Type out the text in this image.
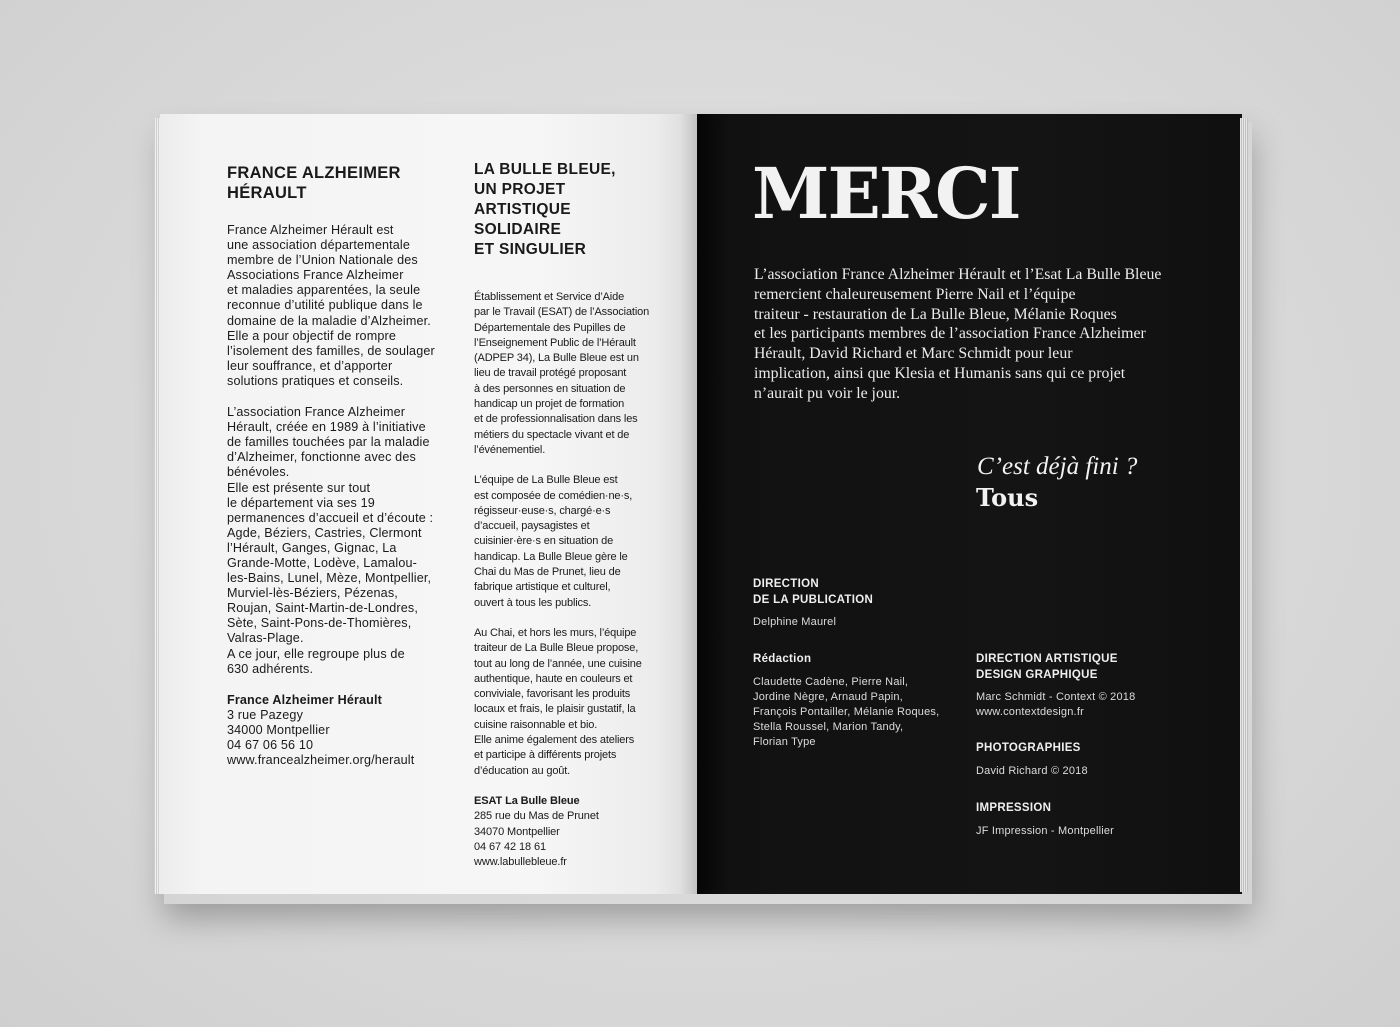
FRANCE ALZHEIMER
HÉRAULT

France Alzheimer Hérault est
une association départementale
membre de l’Union Nationale des
Associations France Alzheimer
et maladies apparentées, la seule
reconnue d’utilité publique dans le
domaine de la maladie d’Alzheimer.
Elle a pour objectif de rompre
l’isolement des familles, de soulager
leur souffrance, et d’apporter
solutions pratiques et conseils.

L’association France Alzheimer
Hérault, créée en 1989 à l’initiative
de familles touchées par la maladie
d’Alzheimer, fonctionne avec des
bénévoles.
Elle est présente sur tout
le département via ses 19
permanences d’accueil et d’écoute :
Agde, Béziers, Castries, Clermont
l’Hérault, Ganges, Gignac, La
Grande-Motte, Lodève, Lamalou-
les-Bains, Lunel, Mèze, Montpellier,
Murviel-lès-Béziers, Pézenas,
Roujan, Saint-Martin-de-Londres,
Sète, Saint-Pons-de-Thomières,
Valras-Plage.
A ce jour, elle regroupe plus de
630 adhérents.

France Alzheimer Hérault
3 rue Pazegy
34000 Montpellier
04 67 06 56 10
www.francealzheimer.org/herault
LA BULLE BLEUE,
UN PROJET ARTISTIQUE
SOLIDAIRE
ET SINGULIER

Établissement et Service d’Aide
par le Travail (ESAT) de l’Association
Départementale des Pupilles de
l’Enseignement Public de l’Hérault
(ADPEP 34), La Bulle Bleue est un
lieu de travail protégé proposant
à des personnes en situation de
handicap un projet de formation
et de professionnalisation dans les
métiers du spectacle vivant et de
l’événementiel.

L’équipe de La Bulle Bleue est
est composée de comédien·ne·s,
régisseur·euse·s, chargé·e·s
d’accueil, paysagistes et
cuisinier·ère·s en situation de
handicap. La Bulle Bleue gère le
Chai du Mas de Prunet, lieu de
fabrique artistique et culturel,
ouvert à tous les publics.

Au Chai, et hors les murs, l’équipe
traiteur de La Bulle Bleue propose,
tout au long de l’année, une cuisine
authentique, haute en couleurs et
conviviale, favorisant les produits
locaux et frais, le plaisir gustatif, la
cuisine raisonnable et bio.
Elle anime également des ateliers
et participe à différents projets
d’éducation au goût.

ESAT La Bulle Bleue
285 rue du Mas de Prunet
34070 Montpellier
04 67 42 18 61
www.labullebleue.fr
MERCI
L’association France Alzheimer Hérault et l’Esat La Bulle Bleue
remercient chaleureusement Pierre Nail et l’équipe
traiteur - restauration de La Bulle Bleue, Mélanie Roques
et les participants membres de l’association France Alzheimer
Hérault, David Richard et Marc Schmidt pour leur
implication, ainsi que Klesia et Humanis sans qui ce projet
n’aurait pu voir le jour.
C’est déjà fini ?
Tous
DIRECTION
DE LA PUBLICATION
Delphine Maurel
Rédaction
Claudette Cadène, Pierre Nail,
Jordine Nègre, Arnaud Papin,
François Pontailler, Mélanie Roques,
Stella Roussel, Marion Tandy,
Florian Type
DIRECTION ARTISTIQUE
DESIGN GRAPHIQUE
Marc Schmidt - Context © 2018
www.contextdesign.fr
PHOTOGRAPHIES
David Richard © 2018
IMPRESSION
JF Impression - Montpellier
